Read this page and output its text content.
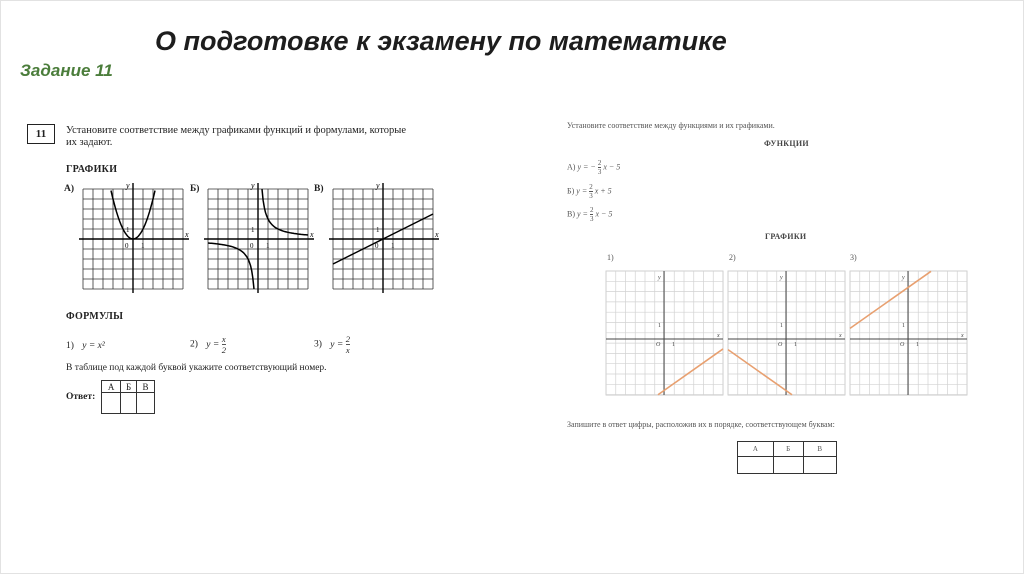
О подготовке к экзамену по математике
Задание 11
11	Установите соответствие между графиками функций и формулами, которые
их задают.
ГРАФИКИ
А)	Б)	В)
ФОРМУЛЫ
1) y = x²	2) $y = \frac{x}{2}$	3) $y = \frac{2}{x}$
В таблице под каждой буквой укажите соответствующий номер.
Ответ:
А	Б	В

Установите соответствие между функциями и их графиками.
ФУНКЦИИ
А) y = − $\frac{2}{3}$ x − 5
Б) $y = \frac{2}{3}$ x + 5
В) $y = \frac{2}{3}$ x − 5
ГРАФИКИ
1)	2)	3)
Запишите в ответ цифры, расположив их в порядке, соответствующем буквам:
А	Б	В

y
x
0 1
1
y
x
0 1
1
y
x
0 1
1
y
x
O 1
1
y
x
O 1
1
y
x
O 1
1
